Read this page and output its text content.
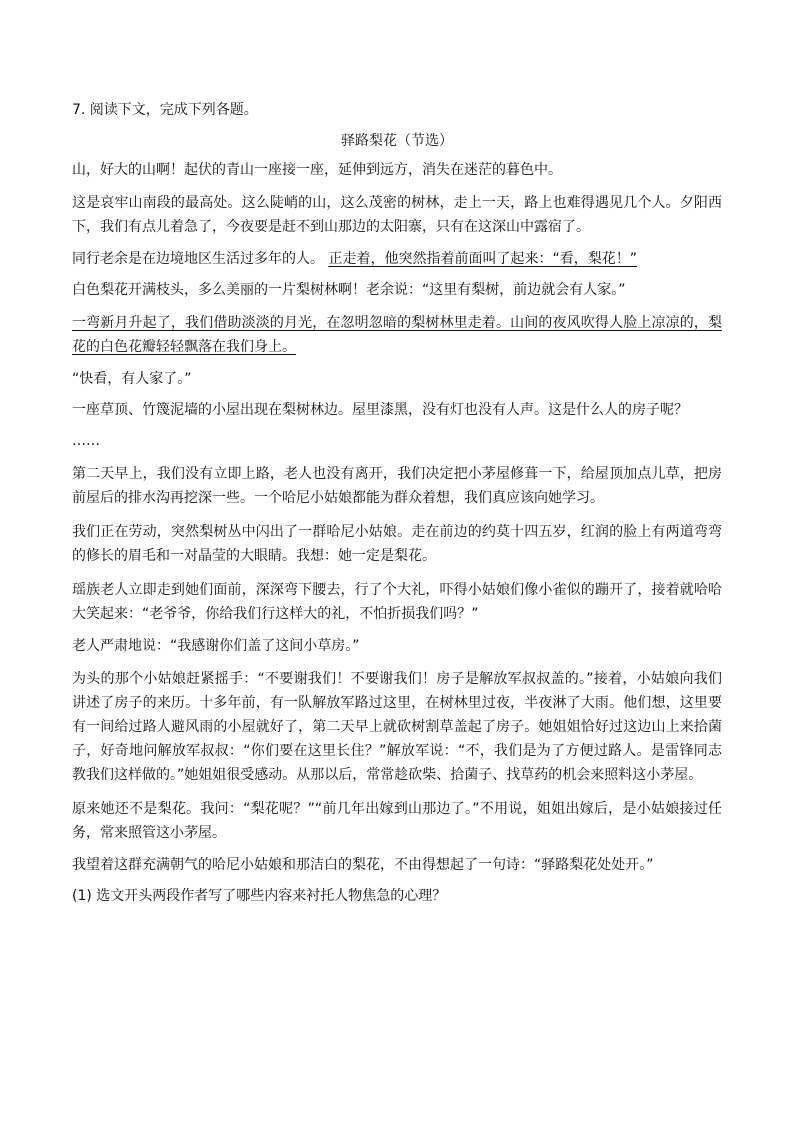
7. 阅读下文，完成下列各题。

驿路梨花（节选）

山，好大的山啊！起伏的青山一座接一座，延伸到远方，消失在迷茫的暮色中。

这是哀牢山南段的最高处。这么陡峭的山，这么茂密的树林，走上一天，路上也难得遇见几个人。夕阳西下，我们有点儿着急了，今夜要是赶不到山那边的太阳寨，只有在这深山中露宿了。

同行老余是在边境地区生活过多年的人。 正走着，他突然指着前面叫了起来：“看，梨花！”

白色梨花开满枝头，多么美丽的一片梨树林啊！老余说：“这里有梨树，前边就会有人家。”

一弯新月升起了，我们借助淡淡的月光，在忽明忽暗的梨树林里走着。山间的夜风吹得人脸上凉凉的，梨花的白色花瓣轻轻飘落在我们身上。

“快看，有人家了。”

一座草顶、竹篾泥墙的小屋出现在梨树林边。屋里漆黑，没有灯也没有人声。这是什么人的房子呢？

……

第二天早上，我们没有立即上路，老人也没有离开，我们决定把小茅屋修葺一下，给屋顶加点儿草，把房前屋后的排水沟再挖深一些。一个哈尼小姑娘都能为群众着想，我们真应该向她学习。

我们正在劳动，突然梨树丛中闪出了一群哈尼小姑娘。走在前边的约莫十四五岁，红润的脸上有两道弯弯的修长的眉毛和一对晶莹的大眼睛。我想：她一定是梨花。

瑶族老人立即走到她们面前，深深弯下腰去，行了个大礼，吓得小姑娘们像小雀似的蹦开了，接着就哈哈大笑起来：“老爷爷，你给我们行这样大的礼，不怕折损我们吗？”

老人严肃地说：“我感谢你们盖了这间小草房。”

为头的那个小姑娘赶紧摇手：“不要谢我们！不要谢我们！房子是解放军叔叔盖的。”接着，小姑娘向我们讲述了房子的来历。十多年前，有一队解放军路过这里，在树林里过夜，半夜淋了大雨。他们想，这里要有一间给过路人避风雨的小屋就好了，第二天早上就砍树割草盖起了房子。她姐姐恰好过这边山上来拾菌子，好奇地问解放军叔叔：“你们要在这里长住？”解放军说：“不，我们是为了方便过路人。是雷锋同志教我们这样做的。”她姐姐很受感动。从那以后，常常趁砍柴、拾菌子、找草药的机会来照料这小茅屋。

原来她还不是梨花。我问：“梨花呢？”“前几年出嫁到山那边了。”不用说，姐姐出嫁后，是小姑娘接过任务，常来照管这小茅屋。

我望着这群充满朝气的哈尼小姑娘和那洁白的梨花，不由得想起了一句诗：“驿路梨花处处开。”

(1) 选文开头两段作者写了哪些内容来衬托人物焦急的心理？
